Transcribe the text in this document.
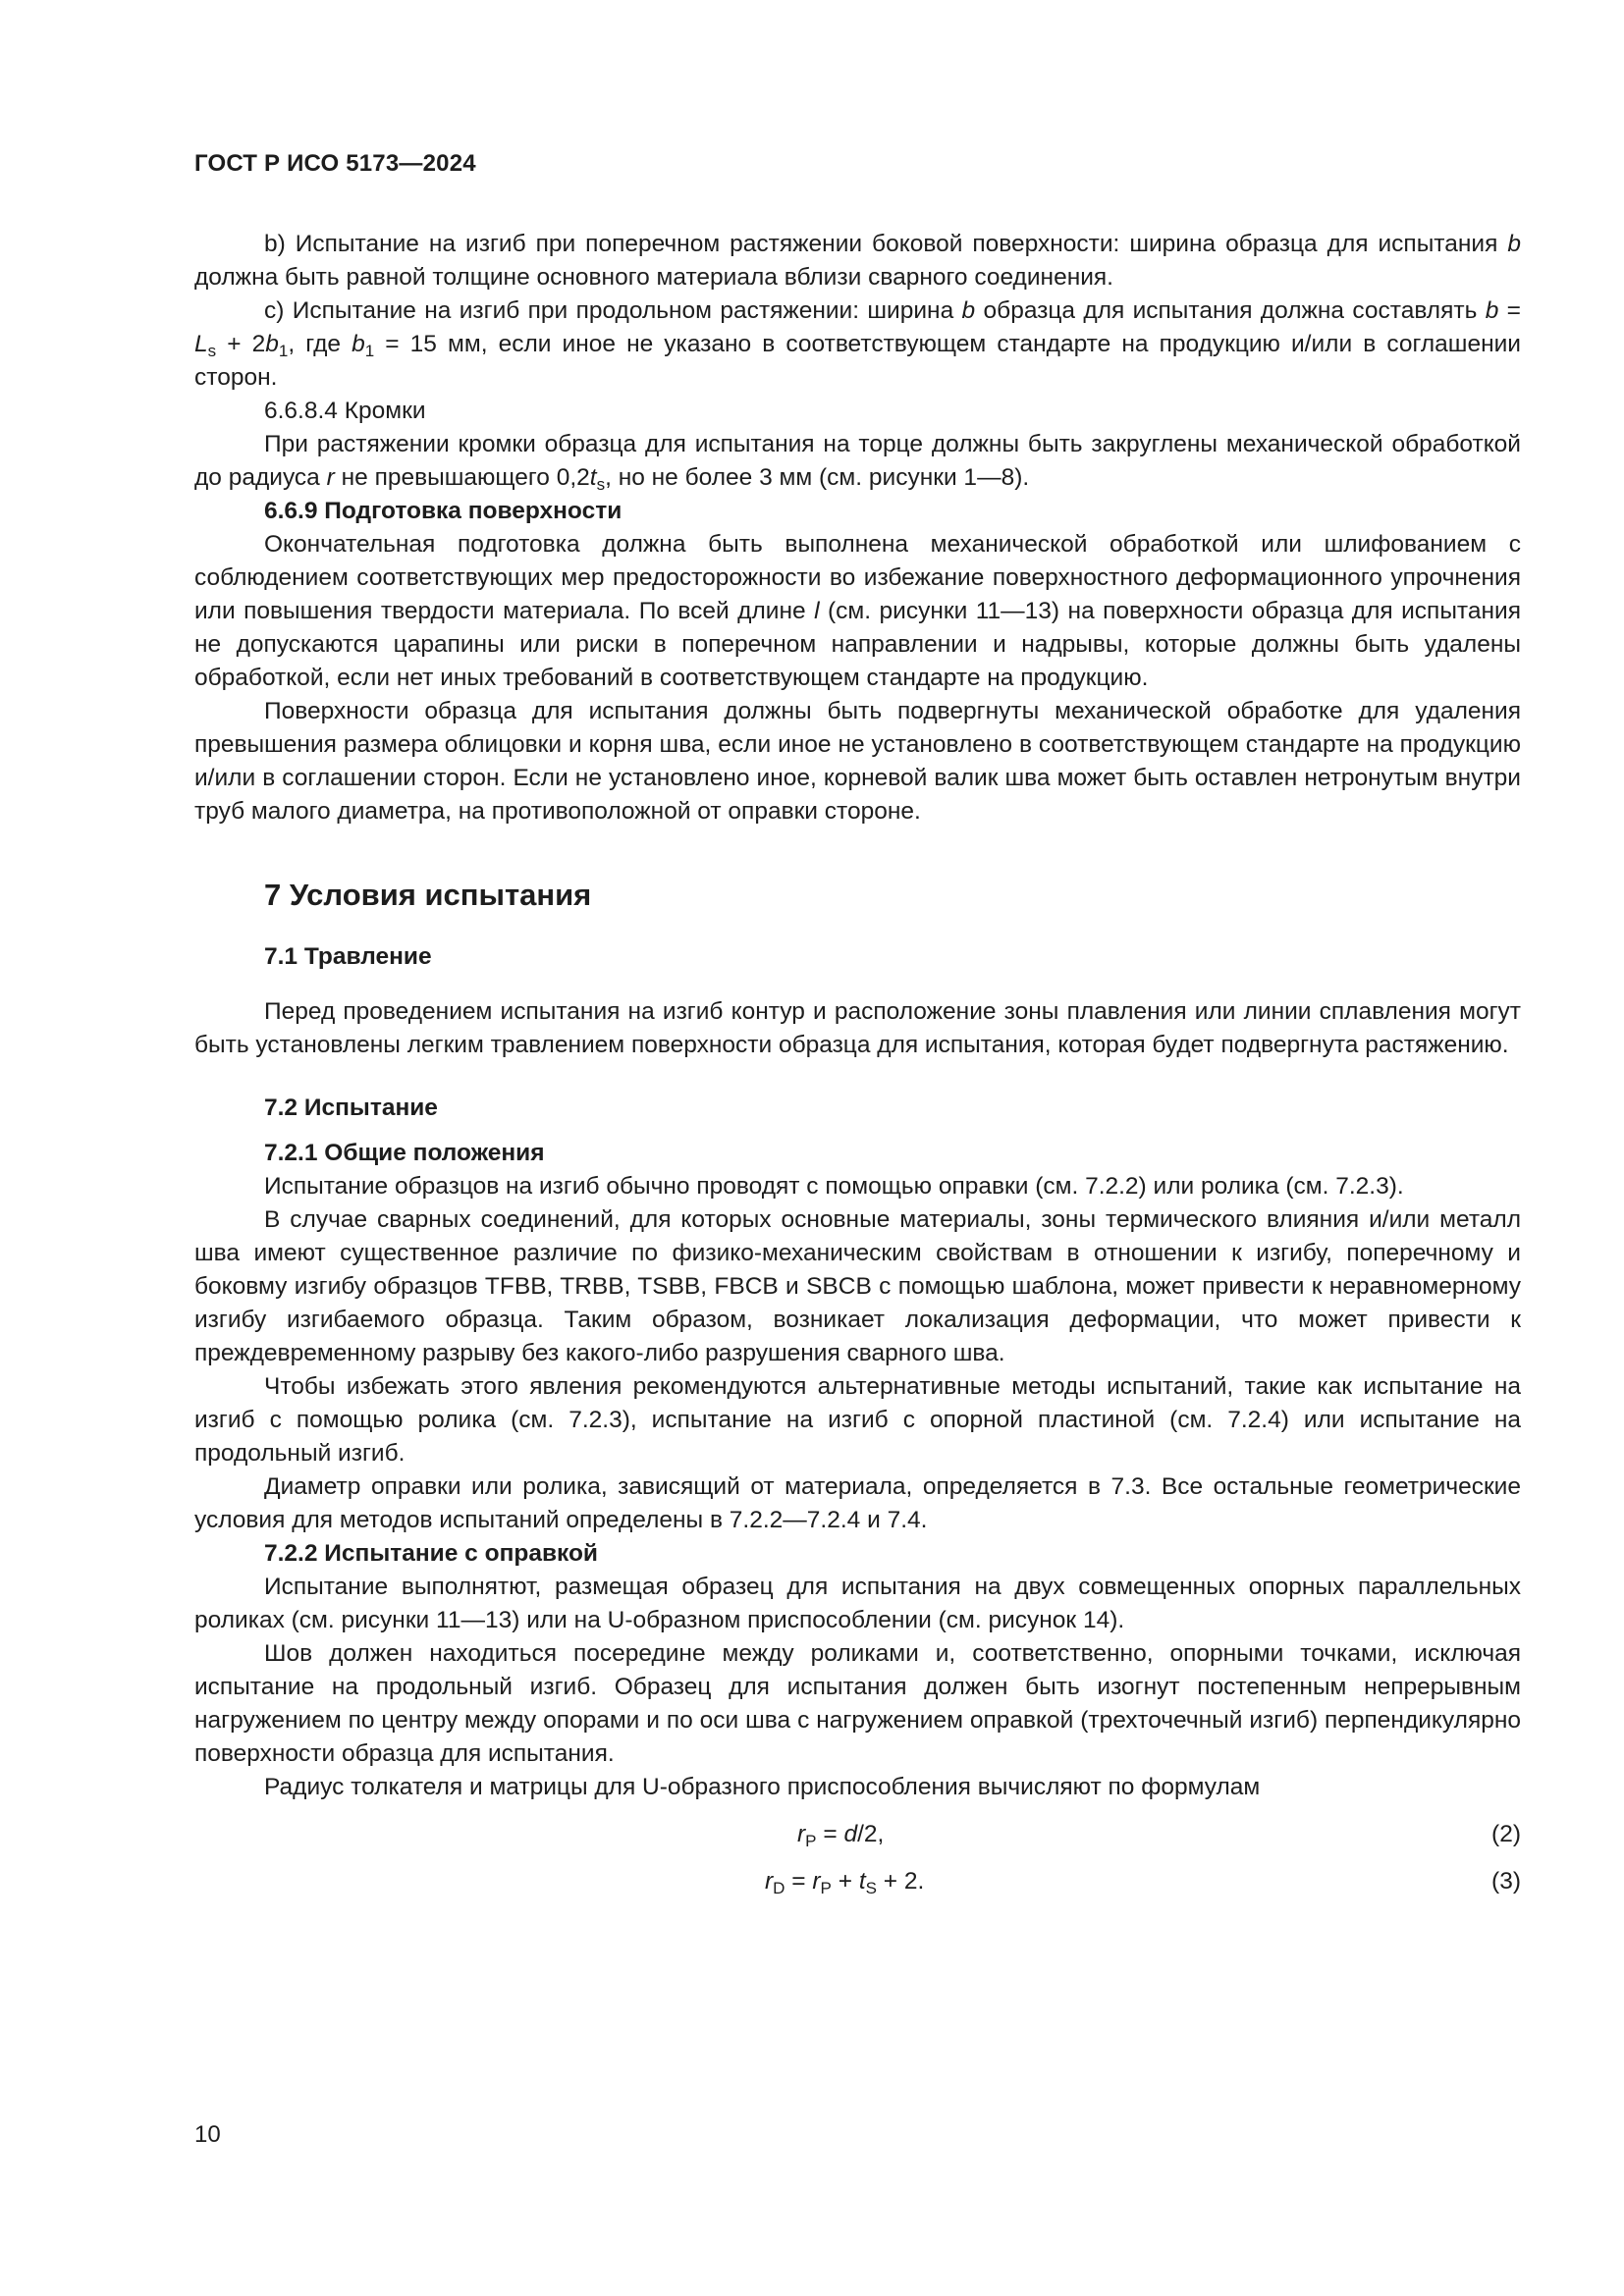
ГОСТ Р ИСО 5173—2024

b) Испытание на изгиб при поперечном растяжении боковой поверхности: ширина образца для испытания b должна быть равной толщине основного материала вблизи сварного соединения.

c) Испытание на изгиб при продольном растяжении: ширина b образца для испытания должна составлять $b = L_s + 2b_1$, где $b_1 = 15$ мм, если иное не указано в соответствующем стандарте на продукцию и/или в соглашении сторон.

6.6.8.4 Кромки

При растяжении кромки образца для испытания на торце должны быть закруглены механической обработкой до радиуса r не превышающего $0,2t_s$, но не более 3 мм (см. рисунки 1—8).

6.6.9 Подготовка поверхности

Окончательная подготовка должна быть выполнена механической обработкой или шлифованием с соблюдением соответствующих мер предосторожности во избежание поверхностного деформационного упрочнения или повышения твердости материала. По всей длине l (см. рисунки 11—13) на поверхности образца для испытания не допускаются царапины или риски в поперечном направлении и надрывы, которые должны быть удалены обработкой, если нет иных требований в соответствующем стандарте на продукцию.

Поверхности образца для испытания должны быть подвергнуты механической обработке для удаления превышения размера облицовки и корня шва, если иное не установлено в соответствующем стандарте на продукцию и/или в соглашении сторон. Если не установлено иное, корневой валик шва может быть оставлен нетронутым внутри труб малого диаметра, на противоположной от оправки стороне.

7 Условия испытания

7.1 Травление

Перед проведением испытания на изгиб контур и расположение зоны плавления или линии сплавления могут быть установлены легким травлением поверхности образца для испытания, которая будет подвергнута растяжению.

7.2 Испытание

7.2.1 Общие положения

Испытание образцов на изгиб обычно проводят с помощью оправки (см. 7.2.2) или ролика (см. 7.2.3).

В случае сварных соединений, для которых основные материалы, зоны термического влияния и/или металл шва имеют существенное различие по физико-механическим свойствам в отношении к изгибу, поперечному и боковму изгибу образцов TFBB, TRBB, TSBB, FBCB и SBCB с помощью шаблона, может привести к неравномерному изгибу изгибаемого образца. Таким образом, возникает локализация деформации, что может привести к преждевременному разрыву без какого-либо разрушения сварного шва.

Чтобы избежать этого явления рекомендуются альтернативные методы испытаний, такие как испытание на изгиб с помощью ролика (см. 7.2.3), испытание на изгиб с опорной пластиной (см. 7.2.4) или испытание на продольный изгиб.

Диаметр оправки или ролика, зависящий от материала, определяется в 7.3. Все остальные геометрические условия для методов испытаний определены в 7.2.2—7.2.4 и 7.4.

7.2.2 Испытание с оправкой

Испытание выполнятют, размещая образец для испытания на двух совмещенных опорных параллельных роликах (см. рисунки 11—13) или на U-образном приспособлении (см. рисунок 14).

Шов должен находиться посередине между роликами и, соответственно, опорными точками, исключая испытание на продольный изгиб. Образец для испытания должен быть изогнут постепенным непрерывным нагружением по центру между опорами и по оси шва с нагружением оправкой (трехточечный изгиб) перпендикулярно поверхности образца для испытания.

Радиус толкателя и матрицы для U-образного приспособления вычисляют по формулам

$r_P = d/2$,	(2)
$r_D = r_P + t_S + 2$.	(3)
10
